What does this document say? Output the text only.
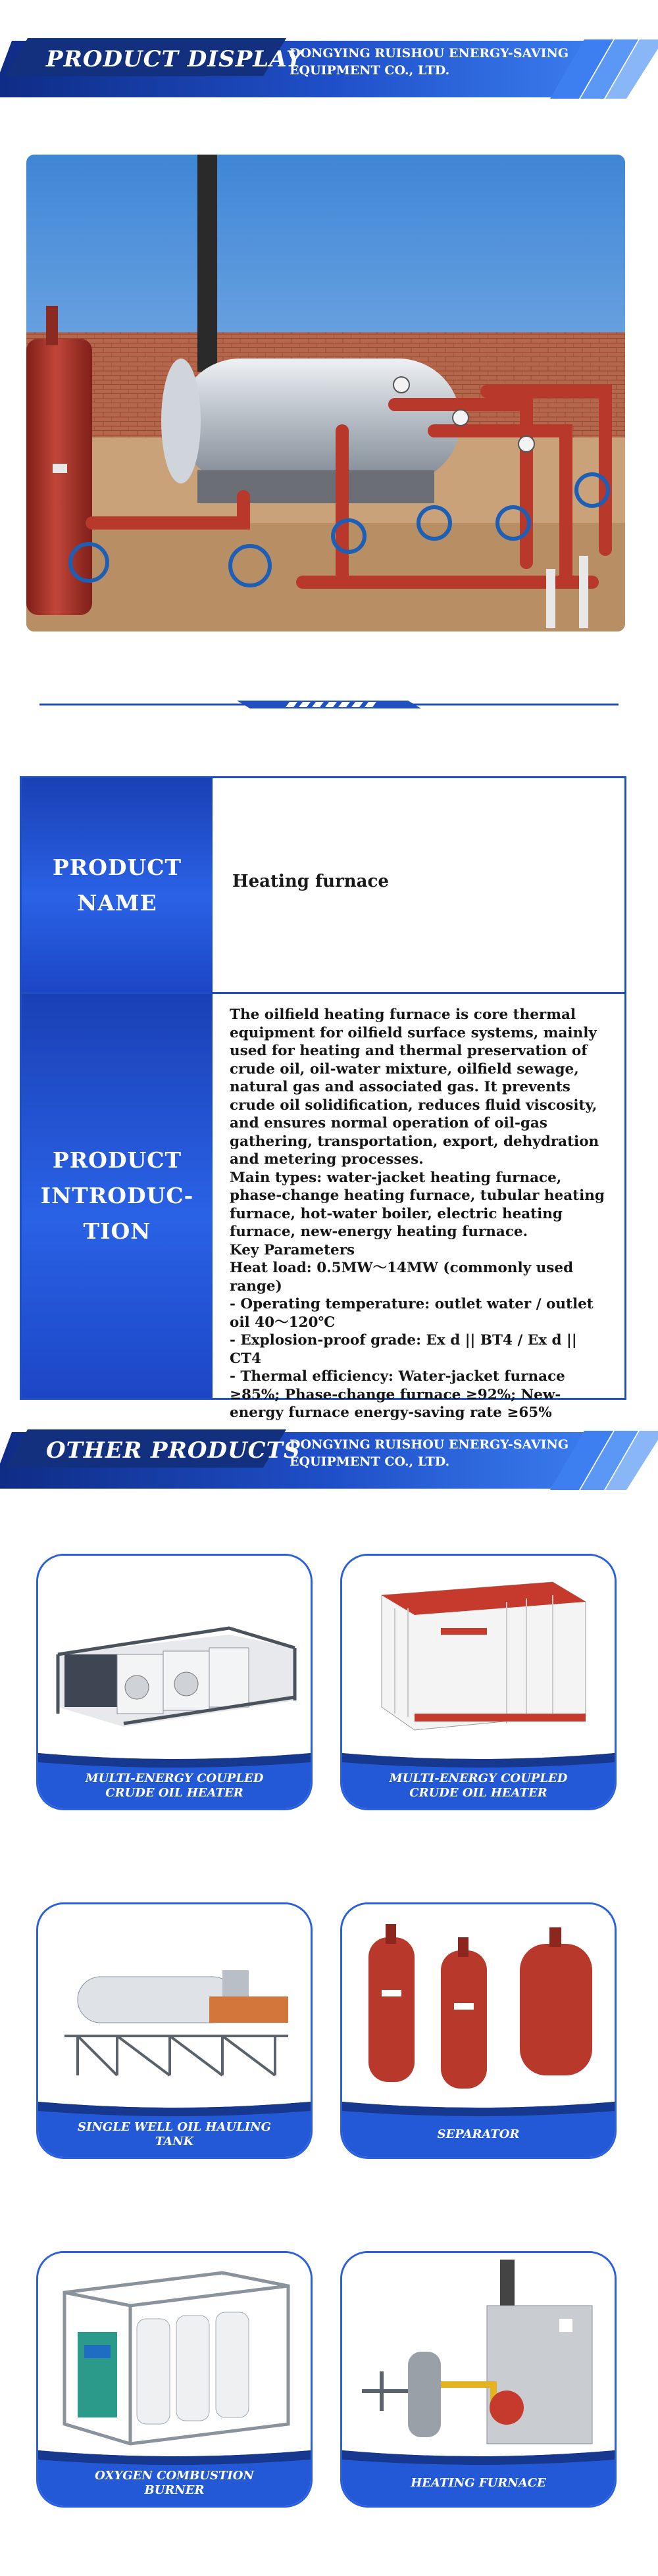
PRODUCT DISPLAY
DONGYING RUISHOU ENERGY-SAVING EQUIPMENT CO., LTD.
PRODUCT
NAME
Heating furnace
PRODUCT
INTRODUC-
TION

The oilfield heating furnace is core thermal equipment for oilfield surface systems, mainly used for heating and thermal preservation of crude oil, oil-water mixture, oilfield sewage, natural gas and associated gas. It prevents crude oil solidification, reduces fluid viscosity, and ensures normal operation of oil-gas gathering, transportation, export, dehydration and metering processes.

Main types: water-jacket heating furnace, phase-change heating furnace, tubular heating furnace, hot-water boiler, electric heating furnace, new-energy heating furnace.

Key Parameters

Heat load: 0.5MW～14MW (commonly used range)

- Operating temperature: outlet water / outlet oil 40～120℃

- Explosion-proof grade: Ex d || BT4 / Ex d || CT4

- Thermal efficiency: Water-jacket furnace ≥85%; Phase-change furnace ≥92%; New-energy furnace energy-saving rate ≥65%

OTHER PRODUCTS
DONGYING RUISHOU ENERGY-SAVING EQUIPMENT CO., LTD.
MULTI-ENERGY COUPLED CRUDE OIL HEATER
MULTI-ENERGY COUPLED CRUDE OIL HEATER
SINGLE WELL OIL HAULING TANK
SEPARATOR
OXYGEN COMBUSTION BURNER
HEATING FURNACE
